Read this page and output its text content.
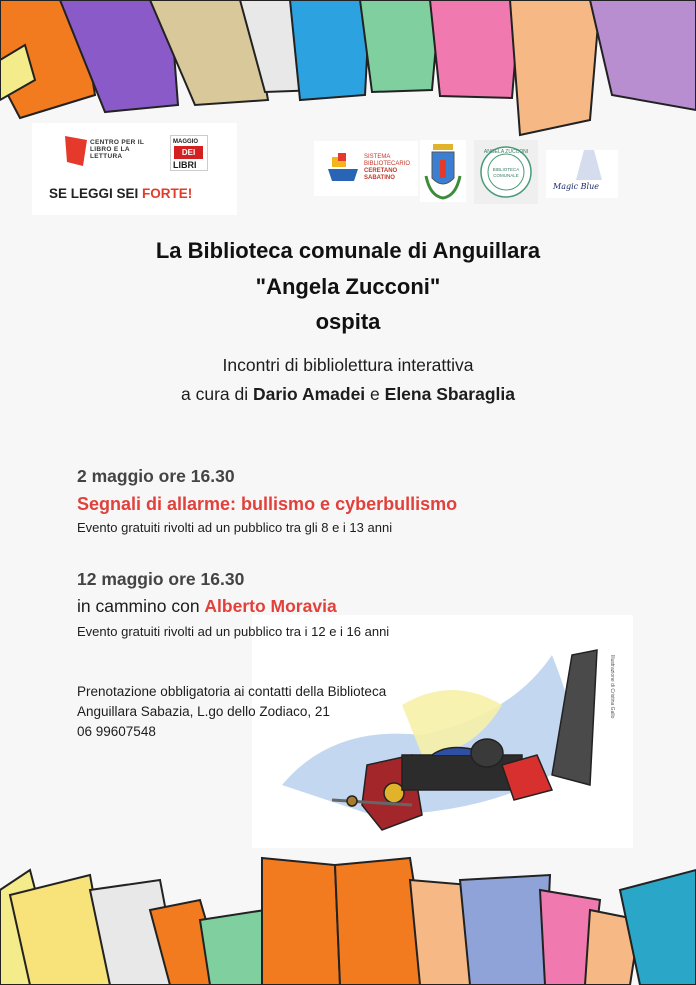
CENTRO PER IL LIBRO E LA LETTURA
MAGGIO
DEI
LIBRI
SE LEGGI SEI FORTE!
SISTEMA
BIBLIOTECARIO
CERETANO
SABATINO
ANGELA ZUCCONI
BIBLIOTECA
COMUNALE
Magic Blue
La Biblioteca comunale di Anguillara
"Angela Zucconi"
ospita
Incontri di bibliolettura interattiva
a cura di Dario Amadei e Elena Sbaraglia
2 maggio ore 16.30
Segnali di allarme: bullismo e cyberbullismo
Evento gratuiti rivolti ad un pubblico tra gli 8 e i 13 anni
Illustrazione di Cristina Gallo
12 maggio ore 16.30
in cammino con Alberto Moravia
Evento gratuiti rivolti ad un pubblico tra i 12 e i 16 anni
Prenotazione obbligatoria ai contatti della Biblioteca
Anguillara Sabazia, L.go dello Zodiaco, 21
06 99607548
